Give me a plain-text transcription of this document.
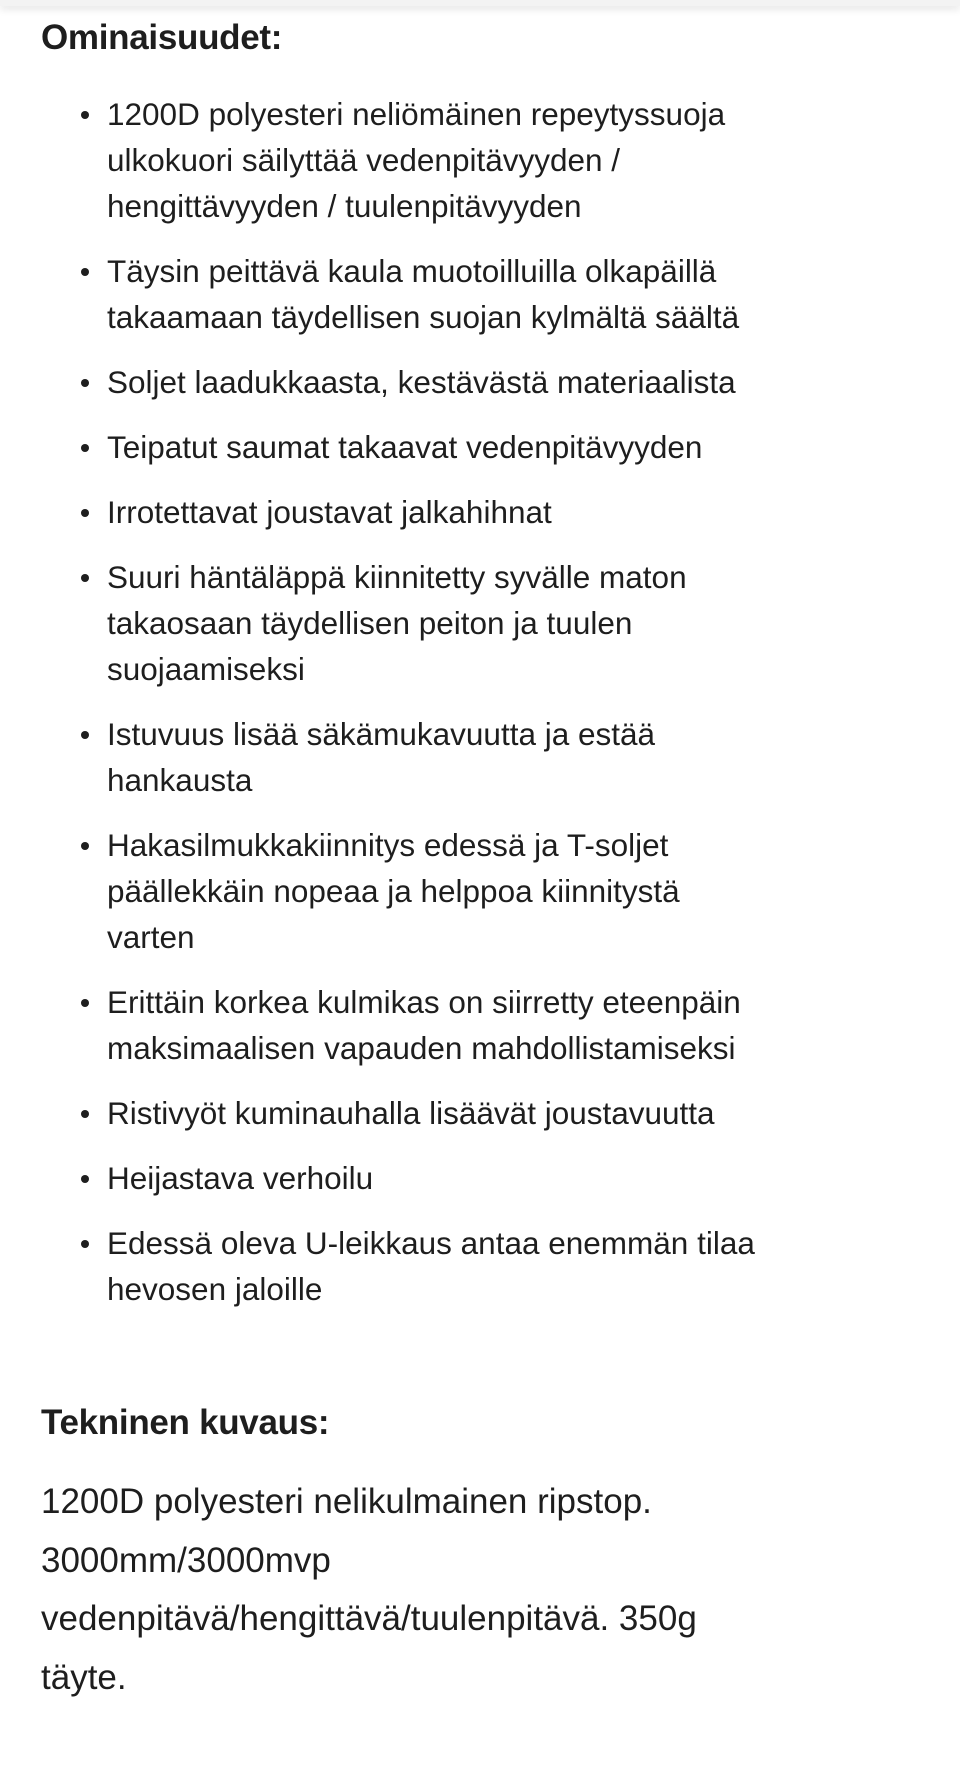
Ominaisuudet:
1200D polyesteri neliömäinen repeytyssuoja
ulkokuori säilyttää vedenpitävyyden /
hengittävyyden / tuulenpitävyyden
Täysin peittävä kaula muotoilluilla olkapäillä
takaamaan täydellisen suojan kylmältä säältä
Soljet laadukkaasta, kestävästä materiaalista
Teipatut saumat takaavat vedenpitävyyden
Irrotettavat joustavat jalkahihnat
Suuri häntäläppä kiinnitetty syvälle maton
takaosaan täydellisen peiton ja tuulen
suojaamiseksi
Istuvuus lisää säkämukavuutta ja estää
hankausta
Hakasilmukkakiinnitys edessä ja T-soljet
päällekkäin nopeaa ja helppoa kiinnitystä
varten
Erittäin korkea kulmikas on siirretty eteenpäin
maksimaalisen vapauden mahdollistamiseksi
Ristivyöt kuminauhalla lisäävät joustavuutta
Heijastava verhoilu
Edessä oleva U-leikkaus antaa enemmän tilaa
hevosen jaloille
Tekninen kuvaus:
1200D polyesteri nelikulmainen ripstop.
3000mm/3000mvp
vedenpitävä/hengittävä/tuulenpitävä. 350g
täyte.
